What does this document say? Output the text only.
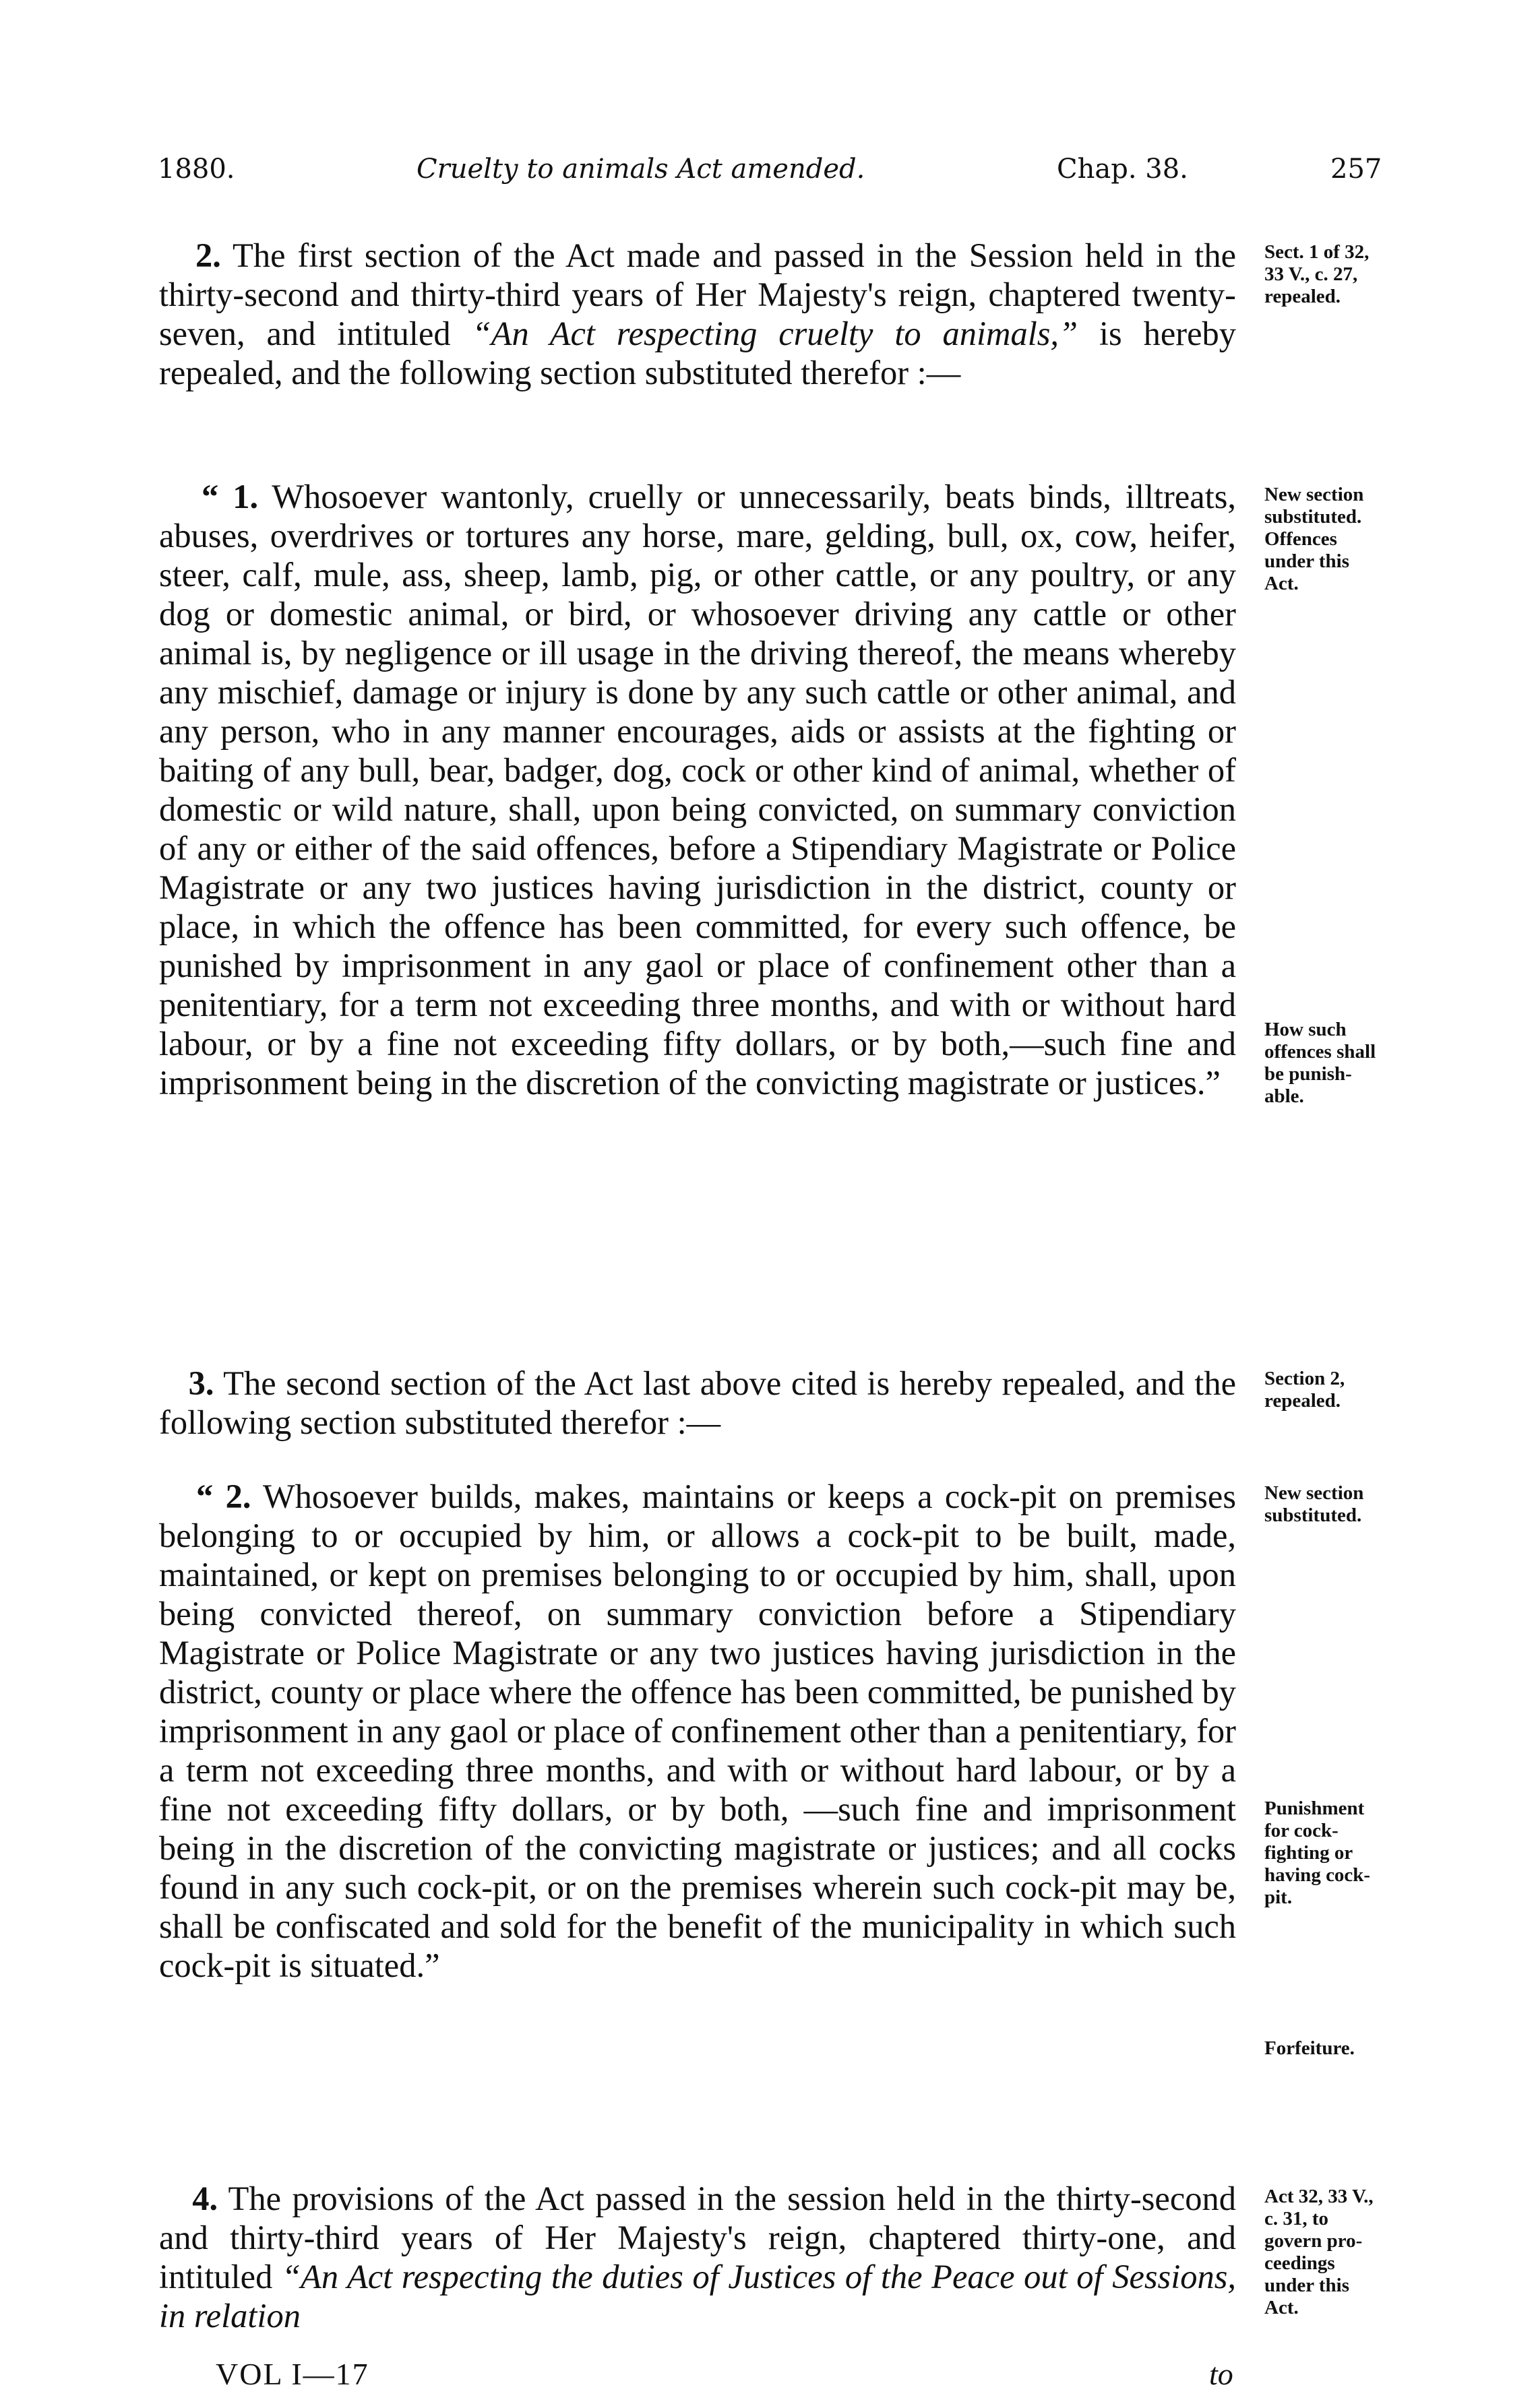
1880.	Cruelty to animals Act amended.	Chap. 38.	257

2. The first section of the Act made and passed in the Session held in the thirty-second and thirty-third years of Her Majesty's reign, chaptered twenty-seven, and intituled “An Act respecting cruelty to animals,” is hereby repealed, and the following section substituted therefor :—

“ 1. Whosoever wantonly, cruelly or unnecessarily, beats binds, illtreats, abuses, overdrives or tortures any horse, mare, gelding, bull, ox, cow, heifer, steer, calf, mule, ass, sheep, lamb, pig, or other cattle, or any poultry, or any dog or domestic animal, or bird, or whosoever driving any cattle or other animal is, by negligence or ill usage in the driving thereof, the means whereby any mischief, damage or injury is done by any such cattle or other animal, and any person, who in any manner encourages, aids or assists at the fighting or baiting of any bull, bear, badger, dog, cock or other kind of animal, whether of domestic or wild nature, shall, upon being convicted, on summary conviction of any or either of the said offences, before a Stipendiary Magistrate or Police Magistrate or any two justices having jurisdiction in the district, county or place, in which the offence has been committed, for every such offence, be punished by imprisonment in any gaol or place of confinement other than a penitentiary, for a term not exceeding three months, and with or without hard labour, or by a fine not exceeding fifty dollars, or by both,—such fine and imprisonment being in the discretion of the convicting magistrate or justices.”

3. The second section of the Act last above cited is hereby repealed, and the following section substituted therefor :—

“ 2. Whosoever builds, makes, maintains or keeps a cock-pit on premises belonging to or occupied by him, or allows a cock-pit to be built, made, maintained, or kept on premises belonging to or occupied by him, shall, upon being convicted thereof, on summary conviction before a Stipendiary Magistrate or Police Magistrate or any two justices having jurisdiction in the district, county or place where the offence has been committed, be punished by imprisonment in any gaol or place of confinement other than a penitentiary, for a term not exceeding three months, and with or without hard labour, or by a fine not exceeding fifty dollars, or by both, —such fine and imprisonment being in the discretion of the convicting magistrate or justices; and all cocks found in any such cock-pit, or on the premises wherein such cock-pit may be, shall be confiscated and sold for the benefit of the municipality in which such cock-pit is situated.”

4. The provisions of the Act passed in the session held in the thirty-second and thirty-third years of Her Majesty's reign, chaptered thirty-one, and intituled “An Act respecting the duties of Justices of the Peace out of Sessions, in relation

Sect. 1 of 32,
33 V., c. 27,
repealed.
New section
substituted.
Offences
under this
Act.
How such
offences shall
be punish-
able.
Section 2,
repealed.
New section
substituted.
Punishment
for cock-
fighting or
having cock-
pit.
Forfeiture.
Act 32, 33 V.,
c. 31, to
govern pro-
ceedings
under this
Act.
VOL I—17	to
